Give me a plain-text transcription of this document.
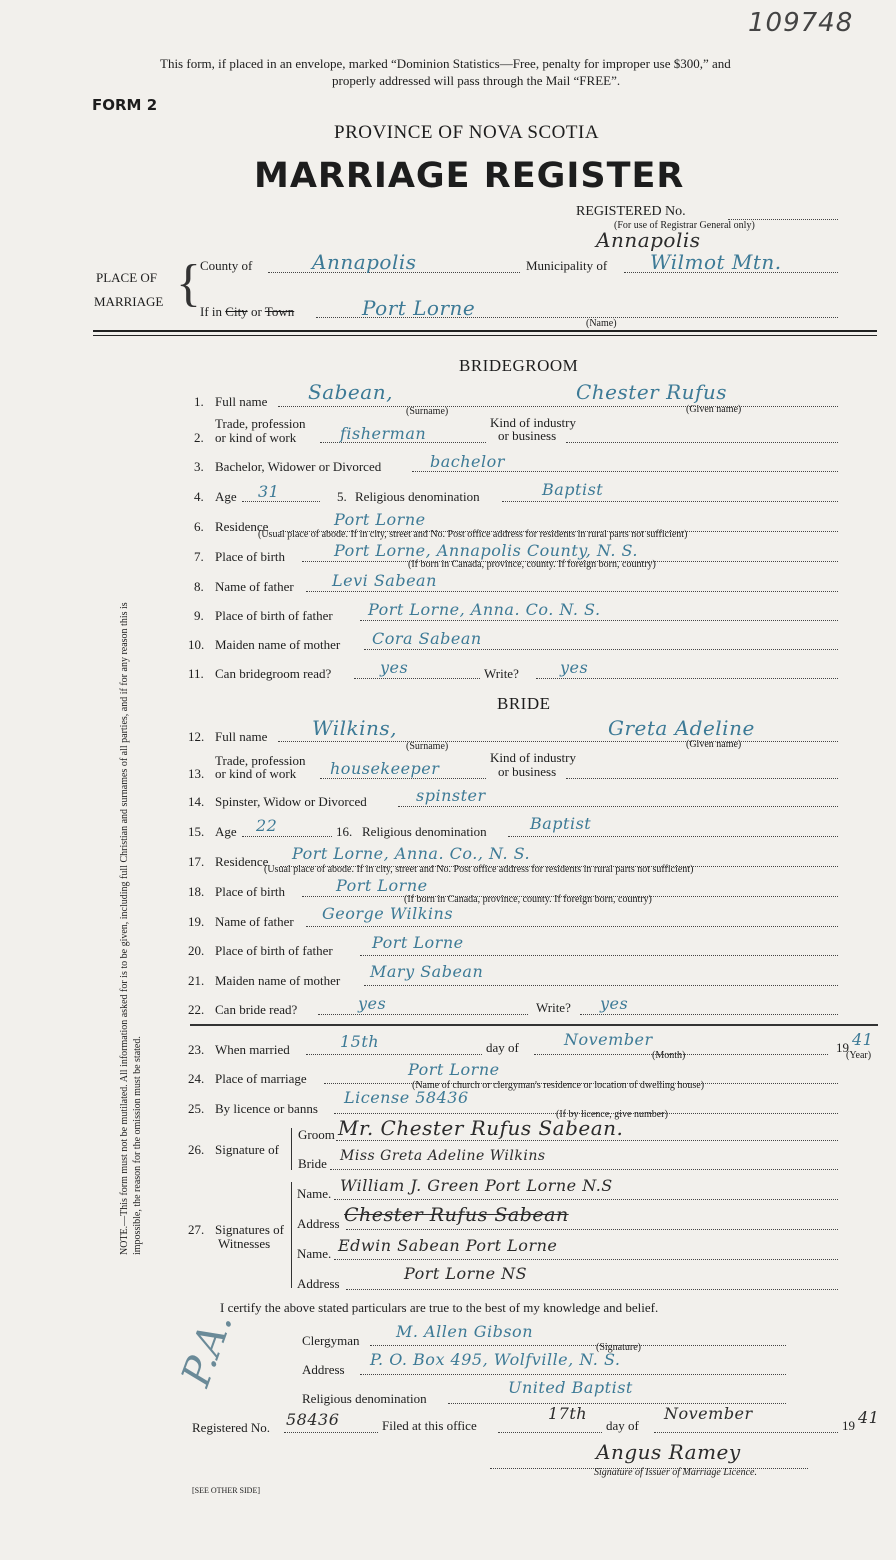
109748
This form, if placed in an envelope, marked “Dominion Statistics—Free, penalty for improper use $300,” and
properly addressed will pass through the Mail “FREE”.
FORM 2
PROVINCE OF NOVA SCOTIA
MARRIAGE REGISTER
REGISTERED No.
(For use of Registrar General only)
PLACE OF
MARRIAGE { County of	Annapolis	Municipality of
Annapolis
Wilmot Mtn.
If in City or Town	Port Lorne
(Name)
BRIDEGROOM
1. Full name Sabean,	Chester Rufus
(Surname)	(Given name)
Trade, profession
2. or kind of work	fisherman
Kind of industry
or business
3. Bachelor, Widower or Divorced	bachelor
4. Age 31	5. Religious denomination	Baptist
6. Residence	Port Lorne
(Usual place of abode. If in city, street and No. Post office address for residents in rural parts not sufficient)
7. Place of birth	Port Lorne, Annapolis County, N. S.
(If born in Canada, province, county. If foreign born, country)
8. Name of father Levi Sabean
9. Place of birth of father Port Lorne, Anna. Co. N. S.
10. Maiden name of mother Cora Sabean
11. Can bridegroom read?	yes	Write?	yes
BRIDE
12. Full name Wilkins,	Greta Adeline
(Surname)	(Given name)
Trade, profession
13. or kind of work housekeeper
Kind of industry
or business
14. Spinster, Widow or Divorced	spinster
15. Age 22	16. Religious denomination	Baptist
17. Residence Port Lorne, Anna. Co., N. S.
(Usual place of abode. If in city, street and No. Post office address for residents in rural parts not sufficient)
18. Place of birth	Port Lorne
(If born in Canada, province, county. If foreign born, country)
19. Name of father George Wilkins
20. Place of birth of father Port Lorne
21. Maiden name of mother Mary Sabean
22. Can bride read?	yes	Write? yes
23. When married	15th	day of	November
(Month)
19 41
(Year)
24. Place of marriage	Port Lorne
(Name of church or clergyman's residence or location of dwelling house)
25. By licence or banns
License 58436
(If by licence, give number)
26. Signature of
Groom Mr. Chester Rufus Sabean.
Bride Miss Greta Adeline Wilkins
27. Signatures of
Witnesses
Name. William J. Green Port Lorne N.S
Address Chester Rufus Sabean
Name. Edwin Sabean Port Lorne
Address
Port Lorne NS
I certify the above stated particulars are true to the best of my knowledge and belief.
Clergyman M. Allen Gibson
(Signature)
Address
P. O. Box 495, Wolfville, N. S.
Religious denomination
United Baptist
Registered No. 58436	Filed at this office
17th
day of
November
19 41
Angus Ramey
Signature of Issuer of Marriage Licence.
NOTE.—This form must not be mutilated. All information asked for is to be given, including full Christian and surnames of all parties, and if for any reason this is impossible, the reason for the omission must be stated.
P.A.
[SEE OTHER SIDE]
